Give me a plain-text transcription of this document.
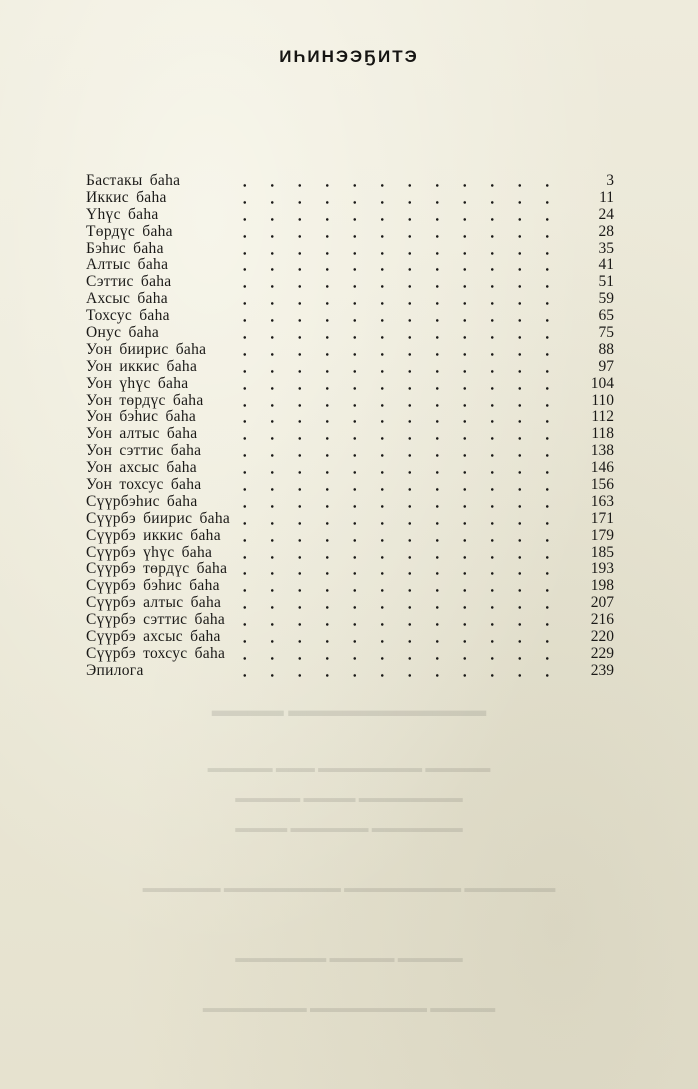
ИҺИНЭЭҔИТЭ
Бастакы баһа	3
Иккис баһа	11
Үһүс баһа	24
Төрдүс баһа	28
Бэһис баһа	35
Алтыс баһа	41
Сэттис баһа	51
Ахсыс баһа	59
Тохсус баһа	65
Онус баһа	75
Уон биирис баһа	88
Уон иккис баһа	97
Уон үһүс баһа	104
Уон төрдүс баһа	110
Уон бэһис баһа	112
Уон алтыс баһа	118
Уон сэттис баһа	138
Уон ахсыс баһа	146
Уон тохсус баһа	156
Сүүрбэһис баһа	163
Сүүрбэ биирис баһа	171
Сүүрбэ иккис баһа	179
Сүүрбэ үһүс баһа	185
Сүүрбэ төрдүс баһа	193
Сүүрбэ бэһис баһа	198
Сүүрбэ алтыс баһа	207
Сүүрбэ сэттис баһа	216
Сүүрбэ ахсыс баһа	220
Сүүрбэ тохсус баһа	229
Эпилога	239
▬▬▬▬ ▬▬▬▬▬▬▬▬▬▬▬
▬▬▬▬▬ ▬▬▬ ▬▬▬▬▬▬▬▬ ▬▬▬▬▬
▬▬▬▬▬ ▬▬▬▬ ▬▬▬▬▬▬▬▬
▬▬▬▬ ▬▬▬▬▬▬ ▬▬▬▬▬▬▬
▬▬▬▬▬▬ ▬▬▬▬▬▬▬▬▬ ▬▬▬▬▬▬▬▬▬ ▬▬▬▬▬▬▬
▬▬▬▬▬▬▬ ▬▬▬▬▬ ▬▬▬▬▬
▬▬▬▬▬▬▬▬ ▬▬▬▬▬▬▬▬▬ ▬▬▬▬▬
